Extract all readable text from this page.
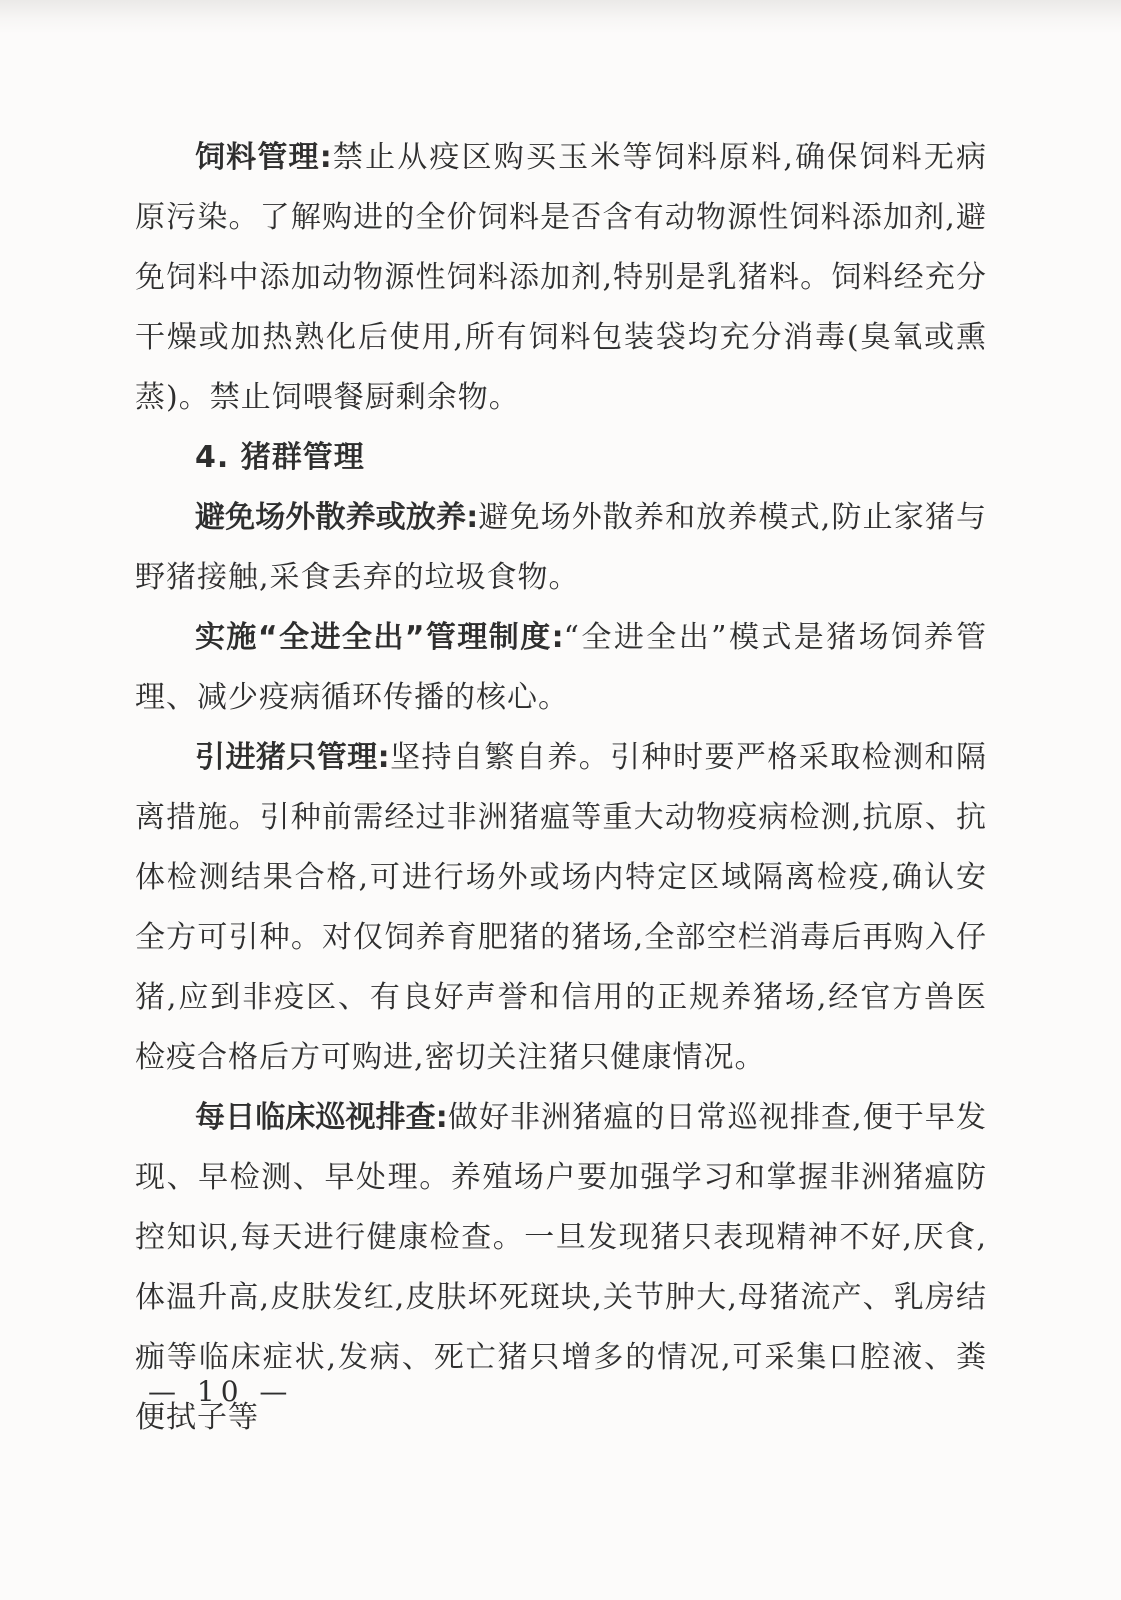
饲料管理:禁止从疫区购买玉米等饲料原料,确保饲料无病原污染。了解购进的全价饲料是否含有动物源性饲料添加剂,避免饲料中添加动物源性饲料添加剂,特别是乳猪料。饲料经充分干燥或加热熟化后使用,所有饲料包装袋均充分消毒(臭氧或熏蒸)。禁止饲喂餐厨剩余物。

4. 猪群管理

避免场外散养或放养:避免场外散养和放养模式,防止家猪与野猪接触,采食丢弃的垃圾食物。

实施“全进全出”管理制度:“全进全出”模式是猪场饲养管理、减少疫病循环传播的核心。

引进猪只管理:坚持自繁自养。引种时要严格采取检测和隔离措施。引种前需经过非洲猪瘟等重大动物疫病检测,抗原、抗体检测结果合格,可进行场外或场内特定区域隔离检疫,确认安全方可引种。对仅饲养育肥猪的猪场,全部空栏消毒后再购入仔猪,应到非疫区、有良好声誉和信用的正规养猪场,经官方兽医检疫合格后方可购进,密切关注猪只健康情况。

每日临床巡视排查:做好非洲猪瘟的日常巡视排查,便于早发现、早检测、早处理。养殖场户要加强学习和掌握非洲猪瘟防控知识,每天进行健康检查。一旦发现猪只表现精神不好,厌食,体温升高,皮肤发红,皮肤坏死斑块,关节肿大,母猪流产、乳房结痂等临床症状,发病、死亡猪只增多的情况,可采集口腔液、粪便拭子等

— 10 —
